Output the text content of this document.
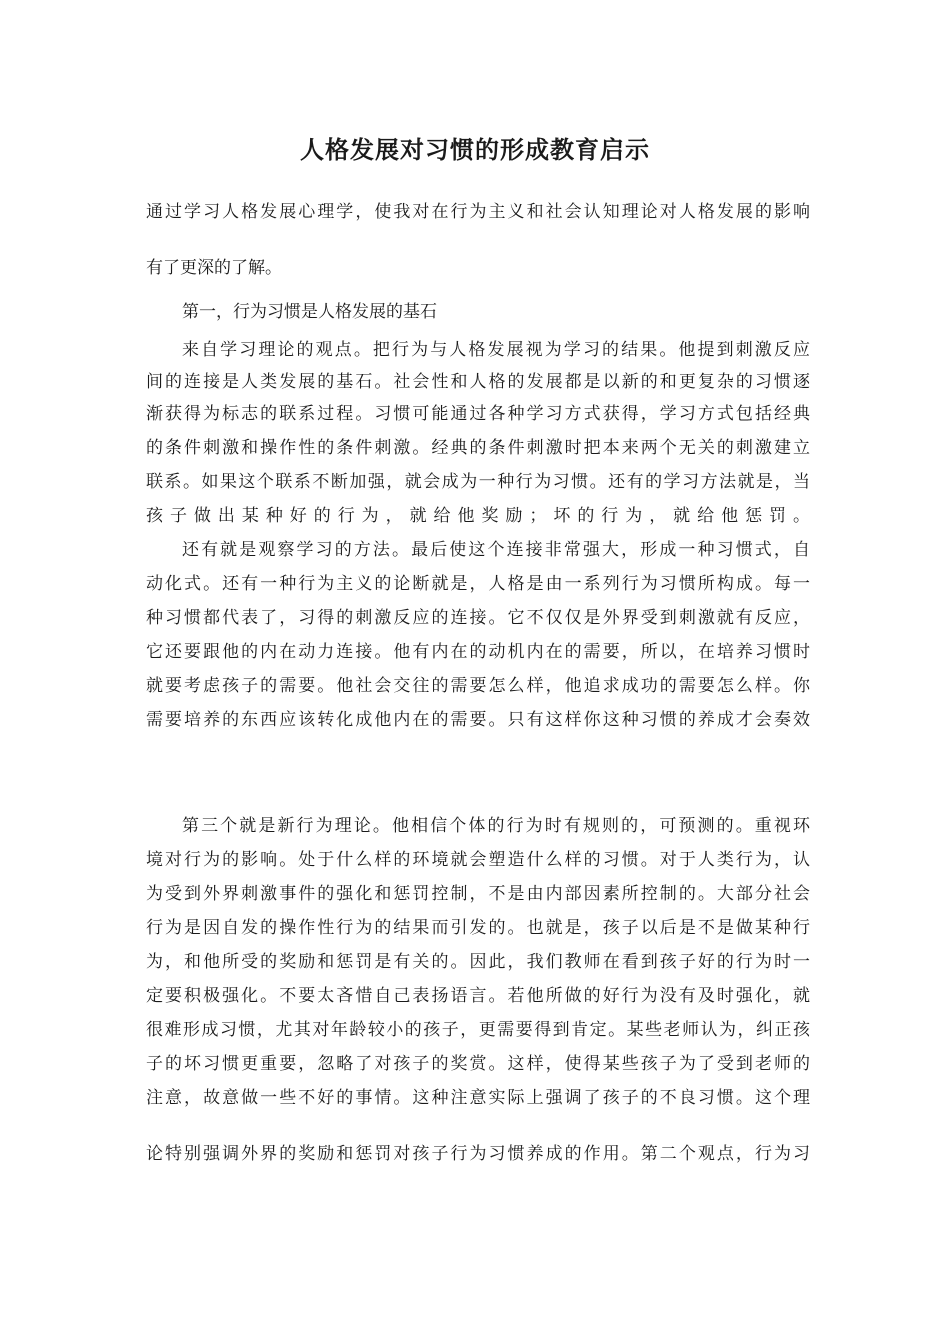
人格发展对习惯的形成教育启示
通过学习人格发展心理学，使我对在行为主义和社会认知理论对人格发展的影响
有了更深的了解。
第一，行为习惯是人格发展的基石
来自学习理论的观点。把行为与人格发展视为学习的结果。他提到刺激反应
间的连接是人类发展的基石。社会性和人格的发展都是以新的和更复杂的习惯逐
渐获得为标志的联系过程。习惯可能通过各种学习方式获得，学习方式包括经典
的条件刺激和操作性的条件刺激。经典的条件刺激时把本来两个无关的刺激建立
联系。如果这个联系不断加强，就会成为一种行为习惯。还有的学习方法就是，当
孩子做出某种好的行为，就给他奖励；坏的行为，就给他惩罚。
还有就是观察学习的方法。最后使这个连接非常强大，形成一种习惯式，自
动化式。还有一种行为主义的论断就是，人格是由一系列行为习惯所构成。每一
种习惯都代表了，习得的刺激反应的连接。它不仅仅是外界受到刺激就有反应，
它还要跟他的内在动力连接。他有内在的动机内在的需要，所以，在培养习惯时
就要考虑孩子的需要。他社会交往的需要怎么样，他追求成功的需要怎么样。你
需要培养的东西应该转化成他内在的需要。只有这样你这种习惯的养成才会奏效
第三个就是新行为理论。他相信个体的行为时有规则的，可预测的。重视环
境对行为的影响。处于什么样的环境就会塑造什么样的习惯。对于人类行为，认
为受到外界刺激事件的强化和惩罚控制，不是由内部因素所控制的。大部分社会
行为是因自发的操作性行为的结果而引发的。也就是，孩子以后是不是做某种行
为，和他所受的奖励和惩罚是有关的。因此，我们教师在看到孩子好的行为时一
定要积极强化。不要太吝惜自己表扬语言。若他所做的好行为没有及时强化，就
很难形成习惯，尤其对年龄较小的孩子，更需要得到肯定。某些老师认为，纠正孩
子的坏习惯更重要，忽略了对孩子的奖赏。这样，使得某些孩子为了受到老师的
注意，故意做一些不好的事情。这种注意实际上强调了孩子的不良习惯。这个理
论特别强调外界的奖励和惩罚对孩子行为习惯养成的作用。第二个观点，行为习
